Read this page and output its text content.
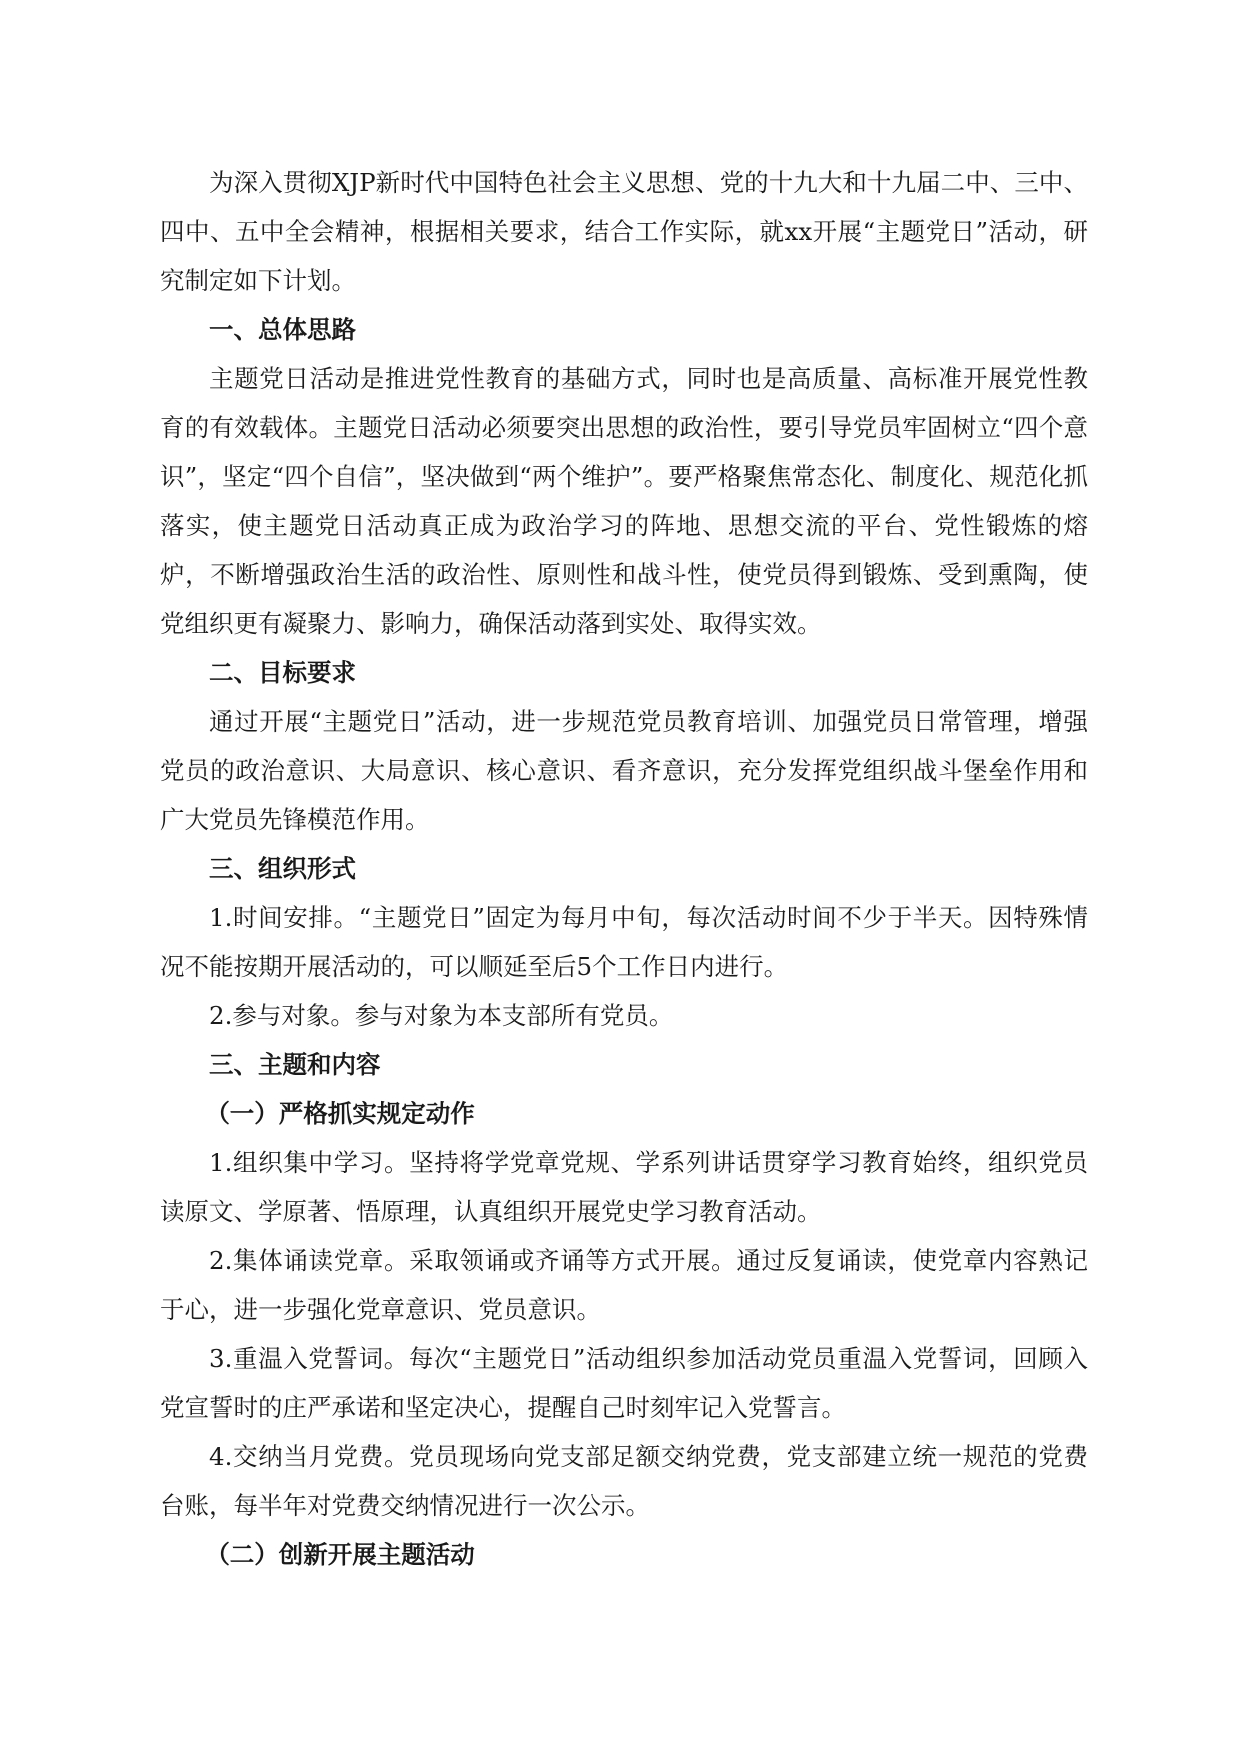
为深入贯彻XJP新时代中国特色社会主义思想、党的十九大和十九届二中、三中、四中、五中全会精神，根据相关要求，结合工作实际，就xx开展“主题党日”活动，研究制定如下计划。

一、总体思路

主题党日活动是推进党性教育的基础方式，同时也是高质量、高标准开展党性教育的有效载体。主题党日活动必须要突出思想的政治性，要引导党员牢固树立“四个意识”，坚定“四个自信”，坚决做到“两个维护”。要严格聚焦常态化、制度化、规范化抓落实，使主题党日活动真正成为政治学习的阵地、思想交流的平台、党性锻炼的熔炉，不断增强政治生活的政治性、原则性和战斗性，使党员得到锻炼、受到熏陶，使党组织更有凝聚力、影响力，确保活动落到实处、取得实效。

二、目标要求

通过开展“主题党日”活动，进一步规范党员教育培训、加强党员日常管理，增强党员的政治意识、大局意识、核心意识、看齐意识，充分发挥党组织战斗堡垒作用和广大党员先锋模范作用。

三、组织形式

1.时间安排。“主题党日”固定为每月中旬，每次活动时间不少于半天。因特殊情况不能按期开展活动的，可以顺延至后5个工作日内进行。

2.参与对象。参与对象为本支部所有党员。

三、主题和内容

（一）严格抓实规定动作

1.组织集中学习。坚持将学党章党规、学系列讲话贯穿学习教育始终，组织党员读原文、学原著、悟原理，认真组织开展党史学习教育活动。

2.集体诵读党章。采取领诵或齐诵等方式开展。通过反复诵读，使党章内容熟记于心，进一步强化党章意识、党员意识。

3.重温入党誓词。每次“主题党日”活动组织参加活动党员重温入党誓词，回顾入党宣誓时的庄严承诺和坚定决心，提醒自己时刻牢记入党誓言。

4.交纳当月党费。党员现场向党支部足额交纳党费，党支部建立统一规范的党费台账，每半年对党费交纳情况进行一次公示。

（二）创新开展主题活动
